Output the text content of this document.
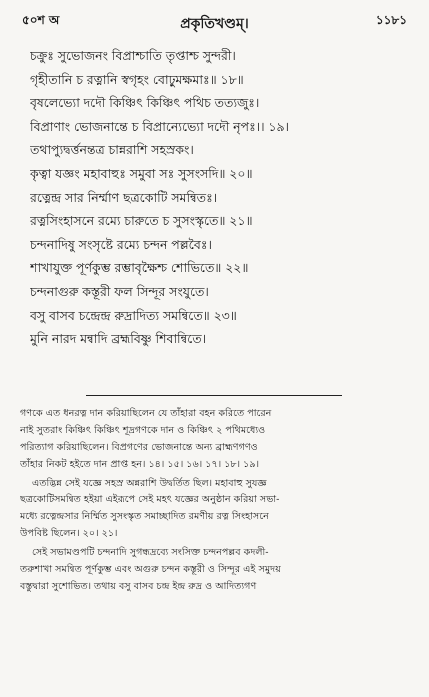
৫০শ অ	প্রকৃতিখণ্ডম্।	১১৮১
চক্রুঃ সুভোজনং বিপ্রাশ্চাতি তৃপ্তাশ্চ সুন্দরী।
গৃহীতানি চ রত্নানি স্বগৃহং বোঢ়ুমক্ষমাঃ॥ ১৮॥
বৃষলেভ্যো দদৌ কিঞ্চিৎ কিঞ্চিৎ পথিচ তত্যজুঃ।
বিপ্রাণাং ভোজনান্তে চ বিপ্রান্যেভ্যো দদৌ নৃপঃ।। ১৯।
তথাপ্যুদ্বর্ত্তনন্তত্র চান্নরাশি সহস্রকং।
কৃত্বা যজ্ঞং মহাবাহুঃ সমুবা সঃ সুসংসদি॥ ২০॥
রত্নেন্দ্র সার নির্ম্মাণ ছত্রকোটি সমন্বিতঃ।
রত্নসিংহাসনে রম্যে চারুতে চ সুসংস্কৃতে॥ ২১॥
চন্দনাদিষু সংসৃষ্টে রম্যে চন্দন পল্লবৈঃ।
শাখাযুক্ত পূর্ণকুম্ভ রম্ভাবৃক্ষৈশ্চ শোভিতে॥ ২২॥
চন্দনাগুরু কস্তূরী ফল সিন্দূর সংযুতে।
বসু বাসব চন্দ্রেন্দ্র রুদ্রাদিত্য সমন্বিতে॥ ২৩॥
মুনি নারদ মন্বাদি ব্রহ্মবিষ্ণু শিবান্বিতে।
গণকে এত ধনরত্ন দান করিয়াছিলেন যে তাঁহারা বহন করিতে পারেন
নাই সুতরাং কিঞ্চিৎ কিঞ্চিৎ শূদ্রগণকে দান ও কিঞ্চিৎ ২ পথিমধ্যেও
পরিত্যাগ করিয়াছিলেন। বিপ্রগণের ভোজনান্তে অন্য ব্রাহ্মণগণও
তাঁহার নিকট হইতে দান প্রাপ্ত হন। ১৪। ১৫। ১৬। ১৭। ১৮। ১৯।
এতদ্ভিন্ন সেই যজ্ঞে সহস্র অন্নরাশি উদ্বর্তিত ছিল। মহাবাহু সুযজ্ঞ
ছত্রকোটিসমন্বিত হইয়া এইরূপে সেই মহৎ যজ্ঞের অনুষ্ঠান করিয়া সভা-
মধ্যে রত্নেন্দ্রসার নির্ম্মিত সুসংস্কৃত সমাচ্ছাদিত রমণীয় রত্ন সিংহাসনে
উপবিষ্ট ছিলেন। ২০। ২১।
সেই সভামণ্ডপটি চন্দনাদি সুগন্ধদ্রব্যে সংসিক্ত চন্দনপল্লব কদলী-
তরুশাখা সমন্বিত পূর্ণকুম্ভ এবং অগুরু চন্দন কস্তূরী ও সিন্দূর এই সমুদয়
বস্তুদ্বারা সুশোভিত। তথায় বসু বাসব চন্দ্র ইন্দ্র রুদ্র ও আদিত্যগণ
